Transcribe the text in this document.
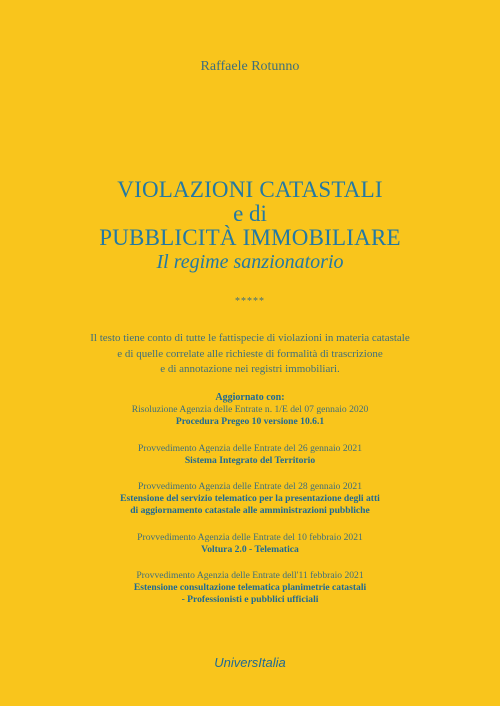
Raffaele Rotunno
VIOLAZIONI CATASTALI
e di
PUBBLICITÀ IMMOBILIARE
Il regime sanzionatorio
*****
Il testo tiene conto di tutte le fattispecie di violazioni in materia catastale
e di quelle correlate alle richieste di formalità di trascrizione
e di annotazione nei registri immobiliari.
Aggiornato con:
Risoluzione Agenzia delle Entrate n. 1/E del 07 gennaio 2020
Procedura Pregeo 10 versione 10.6.1
Provvedimento Agenzia delle Entrate del 26 gennaio 2021
Sistema Integrato del Territorio
Provvedimento Agenzia delle Entrate del 28 gennaio 2021
Estensione del servizio telematico per la presentazione degli atti
di aggiornamento catastale alle amministrazioni pubbliche
Provvedimento Agenzia delle Entrate del 10 febbraio 2021
Voltura 2.0 - Telematica
Provvedimento Agenzia delle Entrate dell'11 febbraio 2021
Estensione consultazione telematica planimetrie catastali
- Professionisti e pubblici ufficiali
UniversItalia
